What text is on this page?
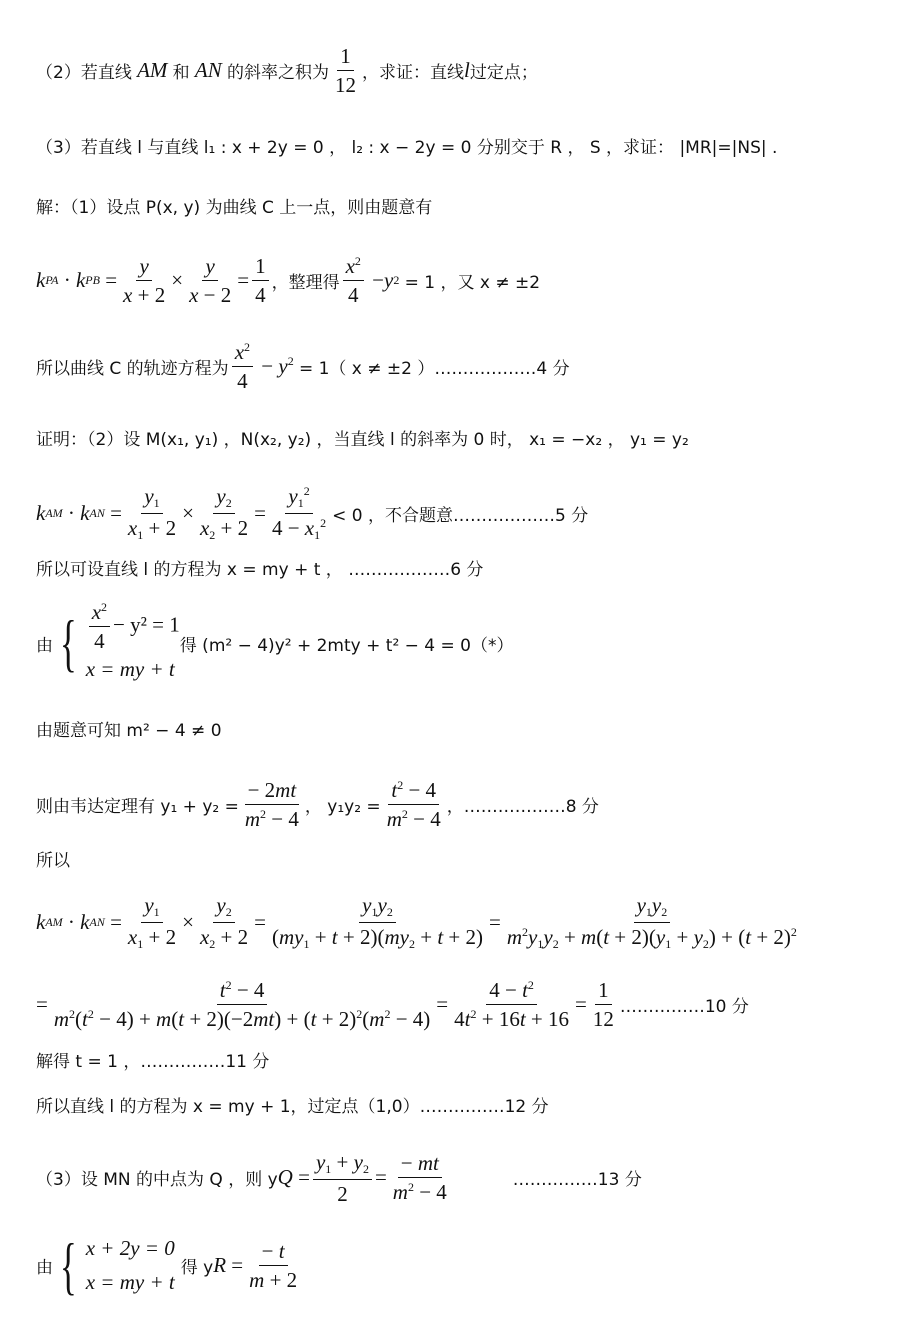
（2）若直线 AM 和 AN 的斜率之积为 $\frac{1}{12}$ ，求证：直线 l 过定点；
（3）若直线 l 与直线 l₁ : x + 2y = 0 ， l₂ : x − 2y = 0 分别交于 R ， S ，求证： |MR|=|NS| .
解：（1）设点 P(x, y) 为曲线 C 上一点，则由题意有
k PA · k PB = $\frac{y}{x + 2} \times \frac{y}{x - 2} = \frac{1}{4}$ ，整理得 $\frac{x^2}{4} - y$ 2
= 1 ，又 x ≠ ±2
所以曲线 C 的轨迹方程为 $\frac{x^2}{4} - y^2 = 1$（ x ≠ ±2 ）………………4 分
证明：（2）设 M(x₁, y₁) ，N(x₂, y₂) ，当直线 l 的斜率为 0 时， x₁ = −x₂ ， y₁ = y₂
k AM · k AN = $\frac{y_1}{x_1 + 2} \times \frac{y_2}{x_2 + 2} = \frac{y_1^2}{4 - x_1^2} < 0$ ，不合题意………………5 分
所以可设直线 l 的方程为 x = my + t ， ………………6 分
由 { $\frac{x^2}{4} - y^2 = 1$
x = my + t
得 (m² − 4)y² + 2mty + t² − 4 = 0（*）
由题意可知 m² − 4 ≠ 0
则由韦达定理有 $y_1 + y_2 = \frac{- 2mt}{m^2 - 4}$ ， $y_1y_2 = \frac{t^2 - 4}{m^2 - 4}$ ，………………8 分
所以
k AM · k AN = $\frac{y_1}{x_1 + 2} \times \frac{y_2}{x_2 + 2} = \frac{y_1y_2}{(my_1 + t + 2)(my_2 + t + 2)} = \frac{y_1y_2}{m^2y_1y_2 + m(t + 2)(y_1 + y_2) + (t + 2)^2}$
= $\frac{t^2 - 4}{m^2(t^2 - 4) + m(t + 2)(-2mt) + (t + 2)^2(m^2 - 4)} = \frac{4 - t^2}{4t^2 + 16t + 16} = \frac{1}{12}$ ……………10 分
解得 t = 1 ，……………11 分
所以直线 l 的方程为 x = my + 1，过定点（1,0）……………12 分
（3）设 MN 的中点为 Q ，则 y $Q = \frac{y_1 + y_2}{2} = \frac{- mt}{m^2 - 4}$	……………13 分
由 { x + 2y = 0
x = my + t

得 y $R = \frac{- t}{m + 2}$
